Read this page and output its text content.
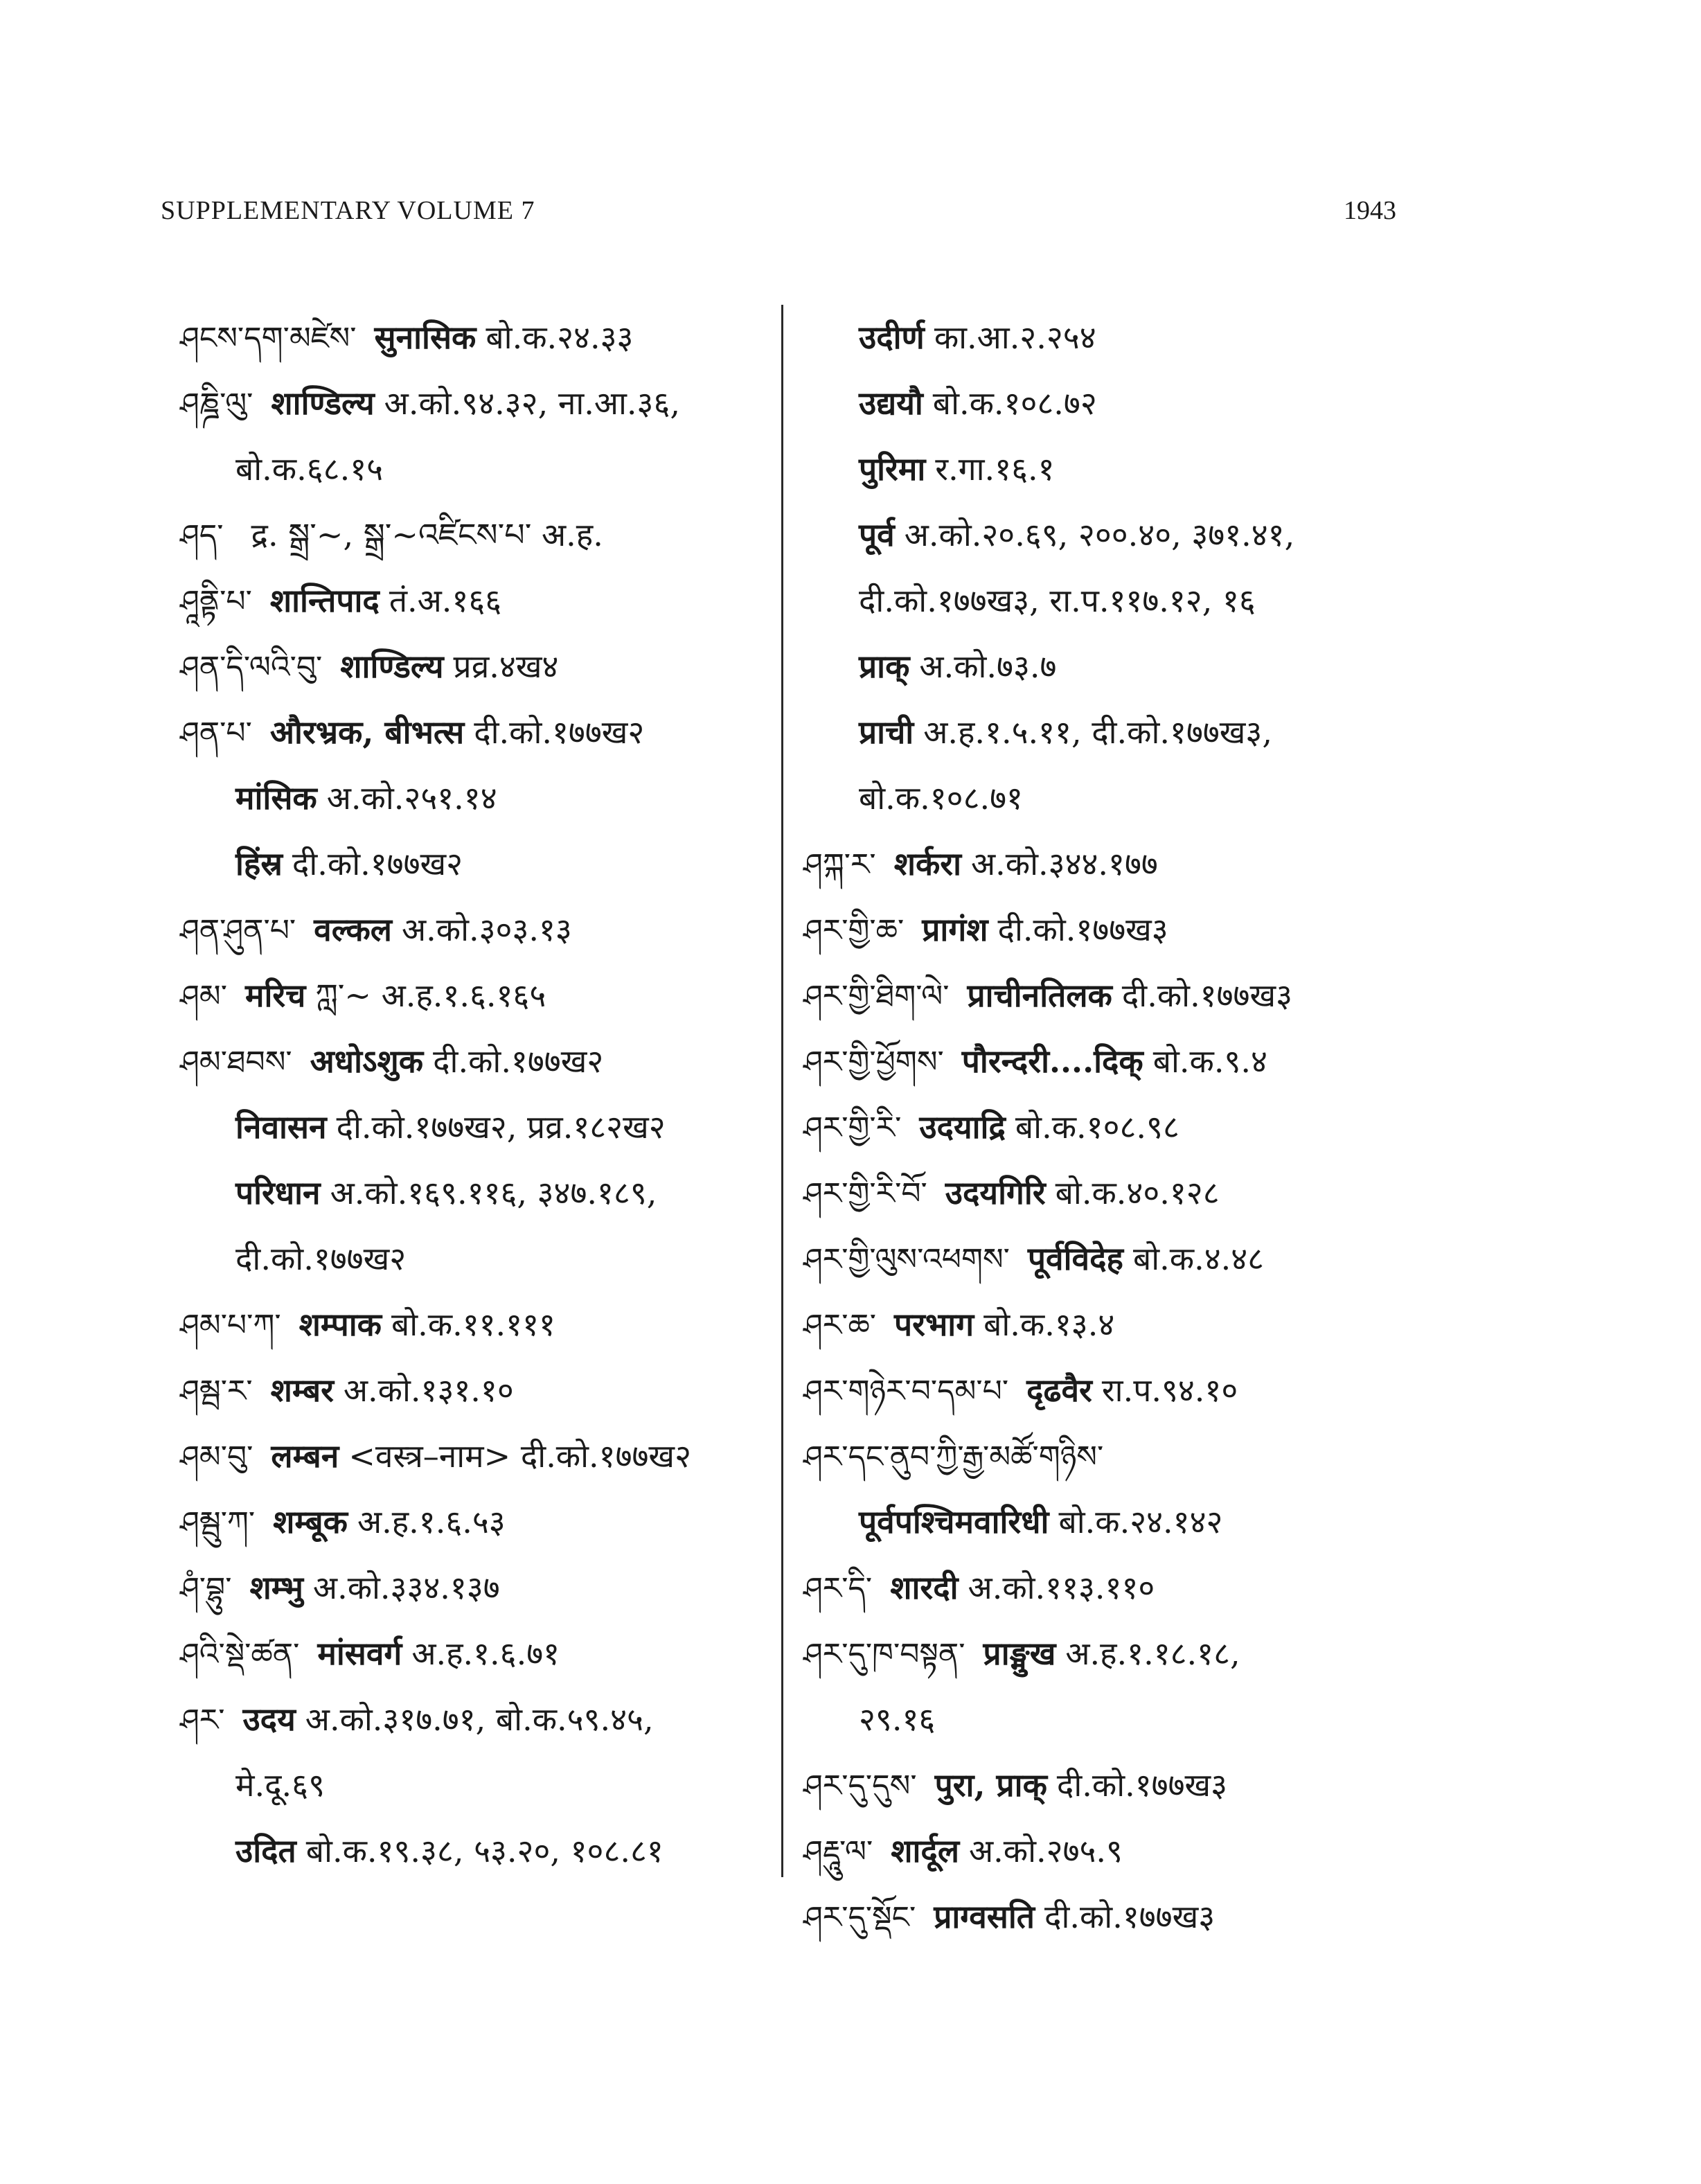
SUPPLEMENTARY VOLUME 7	1943
ཤངས་དག་མཛེས་ सुनासिक बो.क.२४.३३
ཤཎྜི་ལུ་ शाण्डिल्य अ.को.९४.३२, ना.आ.३६,
बो.क.६८.१५
ཤད་ द्र. སྒྲ་~, སྒྲ་~འཛིངས་པ་ अ.ह.
ཤཱནྟི་པ་ शान्तिपाद तं.अ.१६६
ཤན་དི་ལའི་བུ་ शाण्डिल्य प्रव्र.४ख४
ཤན་པ་ औरभ्रक, बीभत्स दी.को.१७७ख२
मांसिक अ.को.२५१.१४
हिंस्र दी.को.१७७ख२
ཤན་ཤུན་པ་ वल्कल अ.को.३०३.१३
ཤམ་ मरिच ཀླ་~ अ.ह.१.६.१६५
ཤམ་ཐབས་ अधोऽशुक दी.को.१७७ख२
निवासन दी.को.१७७ख२, प्रव्र.१८२ख२
परिधान अ.को.१६९.११६, ३४७.१८९,
दी.को.१७७ख२
ཤམ་པ་ཀ་ शम्पाक बो.क.११.१११
ཤམྦ་ར་ शम्बर अ.को.१३१.१०
ཤམ་བུ་ लम्बन <वस्त्र–नाम> दी.को.१७७ख२
ཤམྦུ་ཀ་ शम्बूक अ.ह.१.६.५३
ཤཾ་བྷུ་ शम्भु अ.को.३३४.१३७
ཤའི་སྡེ་ཚན་ मांसवर्ग अ.ह.१.६.७१
ཤར་ उदय अ.को.३१७.७१, बो.क.५९.४५,
मे.दू.६९
उदित बो.क.१९.३८, ५३.२०, १०८.८१
उदीर्ण का.आ.२.२५४
उद्ययौ बो.क.१०८.७२
पुरिमा र.गा.१६.१
पूर्व अ.को.२०.६९, २००.४०, ३७१.४१,
दी.को.१७७ख३, रा.प.११७.१२, १६
प्राक् अ.को.७३.७
प्राची अ.ह.१.५.११, दी.को.१७७ख३,
बो.क.१०८.७१
ཤཀྐ་ར་ शर्करा अ.को.३४४.१७७
ཤར་གྱི་ཆ་ प्रागंश दी.को.१७७ख३
ཤར་གྱི་ཐིག་ལེ་ प्राचीनतिलक दी.को.१७७ख३
ཤར་གྱི་ཕྱོགས་ पौरन्दरी....दिक् बो.क.९.४
ཤར་གྱི་རི་ उदयाद्रि बो.क.१०८.९८
ཤར་གྱི་རི་བོ་ उदयगिरि बो.क.४०.१२८
ཤར་གྱི་ལུས་འཕགས་ पूर्वविदेह बो.क.४.४८
ཤར་ཆ་ परभाग बो.क.१३.४
ཤར་གཉེར་བ་དམ་པ་ दृढवैर रा.प.९४.१०
ཤར་དང་ནུབ་ཀྱི་རྒྱ་མཚོ་གཉིས་
पूर्वपश्चिमवारिधी बो.क.२४.१४२
ཤར་དི་ शारदी अ.को.११३.११०
ཤར་དུ་ཁ་བསྟན་ प्राङ्मुख अ.ह.१.१८.१८,
२९.१६
ཤར་དུ་དུས་ पुरा, प्राक् दी.को.१७७ख३
ཤརྡཱུ་ལ་ शार्दूल अ.को.२७५.९
ཤར་དུ་སྡོང་ प्राग्वसति दी.को.१७७ख३
